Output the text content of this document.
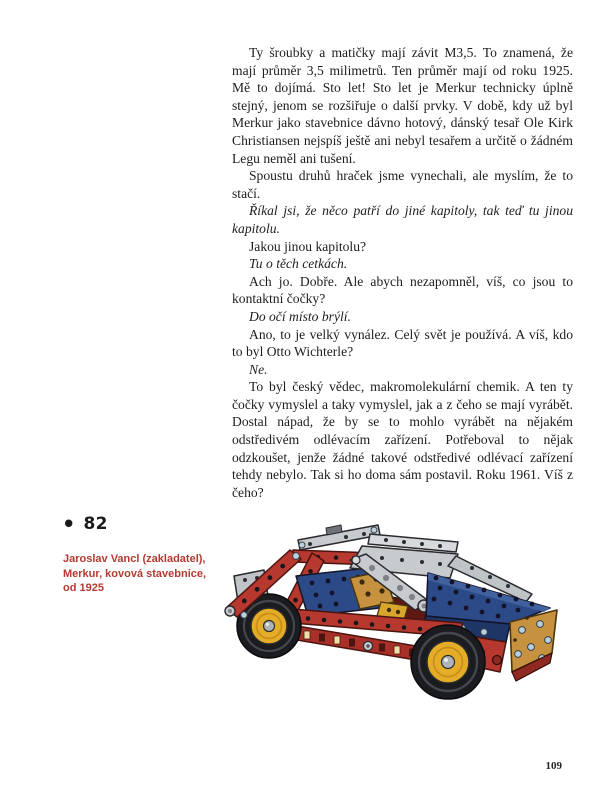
Ty šroubky a matičky mají závit M3,5. To znamená, že mají průměr 3,5 milimetrů. Ten průměr mají od roku 1925. Mě to dojímá. Sto let! Sto let je Merkur technicky úplně stejný, jenom se rozšiřuje o další prvky. V době, kdy už byl Merkur jako stavebnice dávno hotový, dánský tesař Ole Kirk Christiansen nejspíš ještě ani nebyl tesařem a určitě o žádném Legu neměl ani tušení.

Spoustu druhů hraček jsme vynechali, ale myslím, že to stačí.

Říkal jsi, že něco patří do jiné kapitoly, tak teď tu jinou kapitolu.

Jakou jinou kapitolu?

Tu o těch cetkách.

Ach jo. Dobře. Ale abych nezapomněl, víš, co jsou to kontaktní čočky?

Do očí místo brýlí.

Ano, to je velký vynález. Celý svět je používá. A víš, kdo to byl Otto Wichterle?

Ne.

To byl český vědec, makromolekulární chemik. A ten ty čočky vymyslel a taky vymyslel, jak a z čeho se mají vyrábět. Dostal nápad, že by se to mohlo vyrábět na nějakém odstředivém odlévacím zařízení. Potřeboval to nějak odzkoušet, jenže žádné takové odstředivé odlévací zařízení tehdy nebylo. Tak si ho doma sám postavil. Roku 1961. Víš z čeho?

• 82
Jaroslav Vancl (zakladatel),
Merkur, kovová stavebnice,
od 1925
109
